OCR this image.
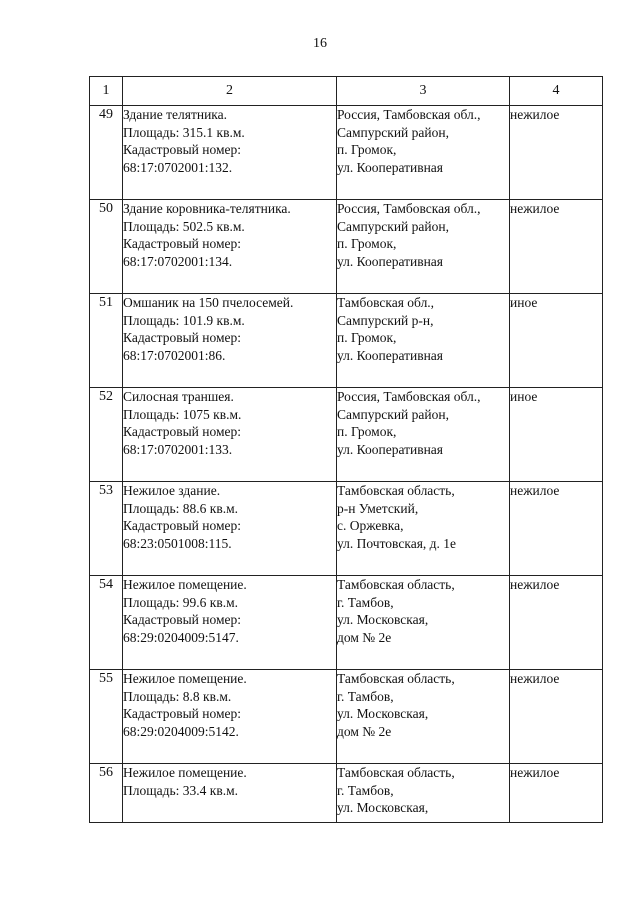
16
1	2	3	4
49	Здание телятника.
Площадь: 315.1 кв.м.
Кадастровый номер:
68:17:0702001:132.	Россия, Тамбовская обл.,
Сампурский район,
п. Громок,
ул. Кооперативная	нежилое
50	Здание коровника-телятника.
Площадь: 502.5 кв.м.
Кадастровый номер:
68:17:0702001:134.	Россия, Тамбовская обл.,
Сампурский район,
п. Громок,
ул. Кооперативная	нежилое
51	Омшаник на 150 пчелосемей.
Площадь: 101.9 кв.м.
Кадастровый номер:
68:17:0702001:86.	Тамбовская обл.,
Сампурский р-н,
п. Громок,
ул. Кооперативная	иное
52	Силосная траншея.
Площадь: 1075 кв.м.
Кадастровый номер:
68:17:0702001:133.	Россия, Тамбовская обл.,
Сампурский район,
п. Громок,
ул. Кооперативная	иное
53	Нежилое здание.
Площадь: 88.6 кв.м.
Кадастровый номер:
68:23:0501008:115.	Тамбовская область,
р-н Уметский,
с. Оржевка,
ул. Почтовская, д. 1е	нежилое
54	Нежилое помещение.
Площадь: 99.6 кв.м.
Кадастровый номер:
68:29:0204009:5147.	Тамбовская область,
г. Тамбов,
ул. Московская,
дом № 2е	нежилое
55	Нежилое помещение.
Площадь: 8.8 кв.м.
Кадастровый номер:
68:29:0204009:5142.	Тамбовская область,
г. Тамбов,
ул. Московская,
дом № 2е	нежилое
56	Нежилое помещение.
Площадь: 33.4 кв.м.	Тамбовская область,
г. Тамбов,
ул. Московская,	нежилое
